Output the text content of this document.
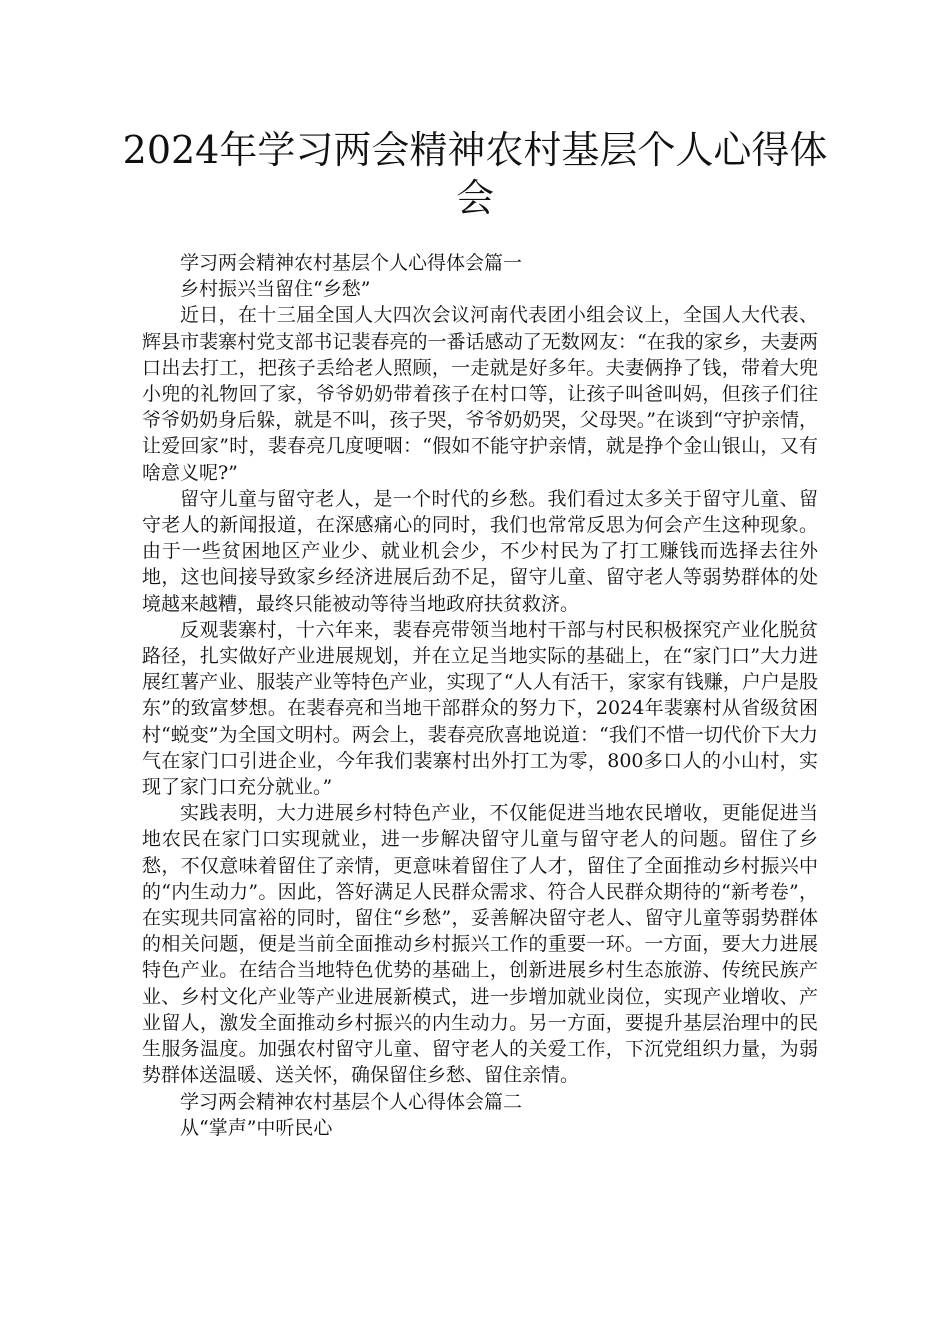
2024年学习两会精神农村基层个人心得体会

学习两会精神农村基层个人心得体会篇一

乡村振兴当留住“乡愁”

近日，在十三届全国人大四次会议河南代表团小组会议上，全国人大代表、辉县市裴寨村党支部书记裴春亮的一番话感动了无数网友：“在我的家乡，夫妻两口出去打工，把孩子丢给老人照顾，一走就是好多年。夫妻俩挣了钱，带着大兜小兜的礼物回了家，爷爷奶奶带着孩子在村口等，让孩子叫爸叫妈，但孩子们往爷爷奶奶身后躲，就是不叫，孩子哭，爷爷奶奶哭，父母哭。”在谈到“守护亲情，让爱回家”时，裴春亮几度哽咽：“假如不能守护亲情，就是挣个金山银山，又有啥意义呢?”

留守儿童与留守老人，是一个时代的乡愁。我们看过太多关于留守儿童、留守老人的新闻报道，在深感痛心的同时，我们也常常反思为何会产生这种现象。由于一些贫困地区产业少、就业机会少，不少村民为了打工赚钱而选择去往外地，这也间接导致家乡经济进展后劲不足，留守儿童、留守老人等弱势群体的处境越来越糟，最终只能被动等待当地政府扶贫救济。

反观裴寨村，十六年来，裴春亮带领当地村干部与村民积极探究产业化脱贫路径，扎实做好产业进展规划，并在立足当地实际的基础上，在“家门口”大力进展红薯产业、服装产业等特色产业，实现了“人人有活干，家家有钱赚，户户是股东”的致富梦想。在裴春亮和当地干部群众的努力下，2024年裴寨村从省级贫困村“蜕变”为全国文明村。两会上，裴春亮欣喜地说道：“我们不惜一切代价下大力气在家门口引进企业，今年我们裴寨村出外打工为零，800多口人的小山村，实现了家门口充分就业。”

实践表明，大力进展乡村特色产业，不仅能促进当地农民增收，更能促进当地农民在家门口实现就业，进一步解决留守儿童与留守老人的问题。留住了乡愁，不仅意味着留住了亲情，更意味着留住了人才，留住了全面推动乡村振兴中的“内生动力”。因此，答好满足人民群众需求、符合人民群众期待的“新考卷”，在实现共同富裕的同时，留住“乡愁”，妥善解决留守老人、留守儿童等弱势群体的相关问题，便是当前全面推动乡村振兴工作的重要一环。一方面，要大力进展特色产业。在结合当地特色优势的基础上，创新进展乡村生态旅游、传统民族产业、乡村文化产业等产业进展新模式，进一步增加就业岗位，实现产业增收、产业留人，激发全面推动乡村振兴的内生动力。另一方面，要提升基层治理中的民生服务温度。加强农村留守儿童、留守老人的关爱工作，下沉党组织力量，为弱势群体送温暖、送关怀，确保留住乡愁、留住亲情。

学习两会精神农村基层个人心得体会篇二

从“掌声”中听民心
